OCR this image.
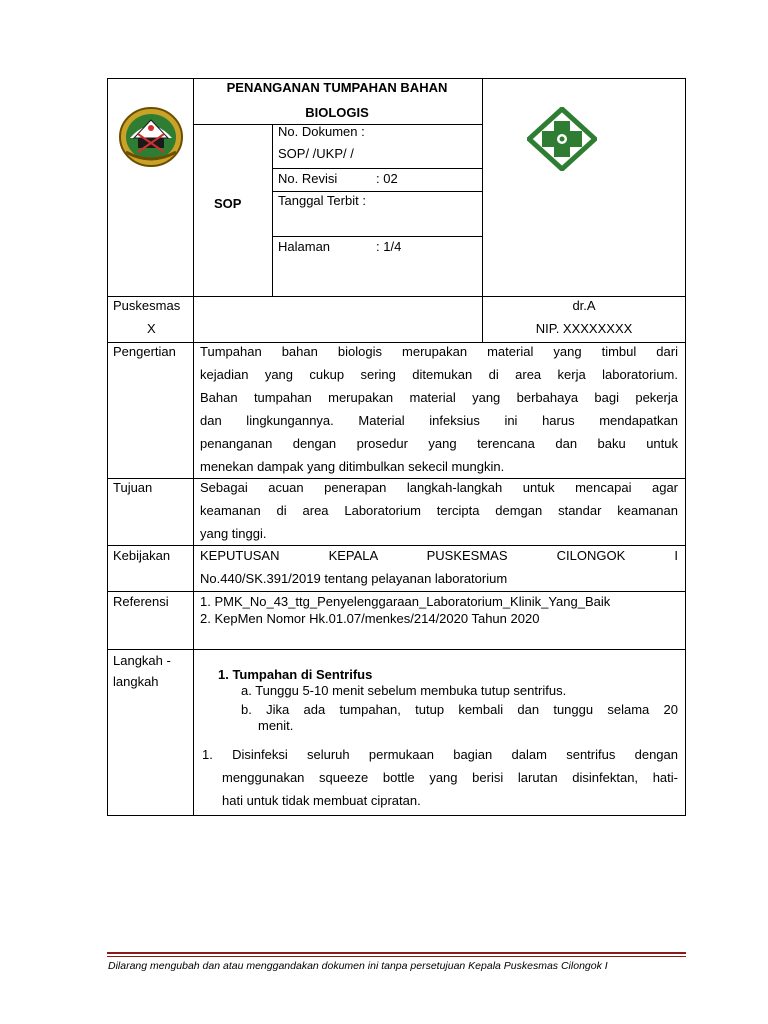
PENANGANAN TUMPAHAN BAHAN
BIOLOGIS
SOP
No. Dokumen :
SOP/ /UKP/ /
No. Revisi	: 02
Tanggal Terbit :
Halaman	: 1/4
Puskesmas
X
dr.A
NIP. XXXXXXXX
Pengertian Tumpahan bahan biologis merupakan material yang timbul dari
kejadian yang cukup sering ditemukan di area kerja laboratorium.
Bahan tumpahan merupakan material yang berbahaya bagi pekerja
dan lingkungannya. Material infeksius ini harus mendapatkan
penanganan dengan prosedur yang terencana dan baku untuk
menekan dampak yang ditimbulkan sekecil mungkin.
Tujuan	Sebagai acuan penerapan langkah-langkah untuk mencapai agar
keamanan di area Laboratorium tercipta demgan standar keamanan
yang tinggi.
Kebijakan KEPUTUSAN KEPALA PUSKESMAS CILONGOK I
No.440/SK.391/2019 tentang pelayanan laboratorium
Referensi 1. PMK_No_43_ttg_Penyelenggaraan_Laboratorium_Klinik_Yang_Baik
2. KepMen Nomor Hk.01.07/menkes/214/2020 Tahun 2020
Langkah -
langkah	1. Tumpahan di Sentrifus
a. Tunggu 5-10 menit sebelum membuka tutup sentrifus.
b. Jika ada tumpahan, tutup kembali dan tunggu selama 20
menit.
1. Disinfeksi seluruh permukaan bagian dalam sentrifus dengan
menggunakan squeeze bottle yang berisi larutan disinfektan, hati-
hati untuk tidak membuat cipratan.
Dilarang mengubah dan atau menggandakan dokumen ini tanpa persetujuan Kepala Puskesmas Cilongok I
